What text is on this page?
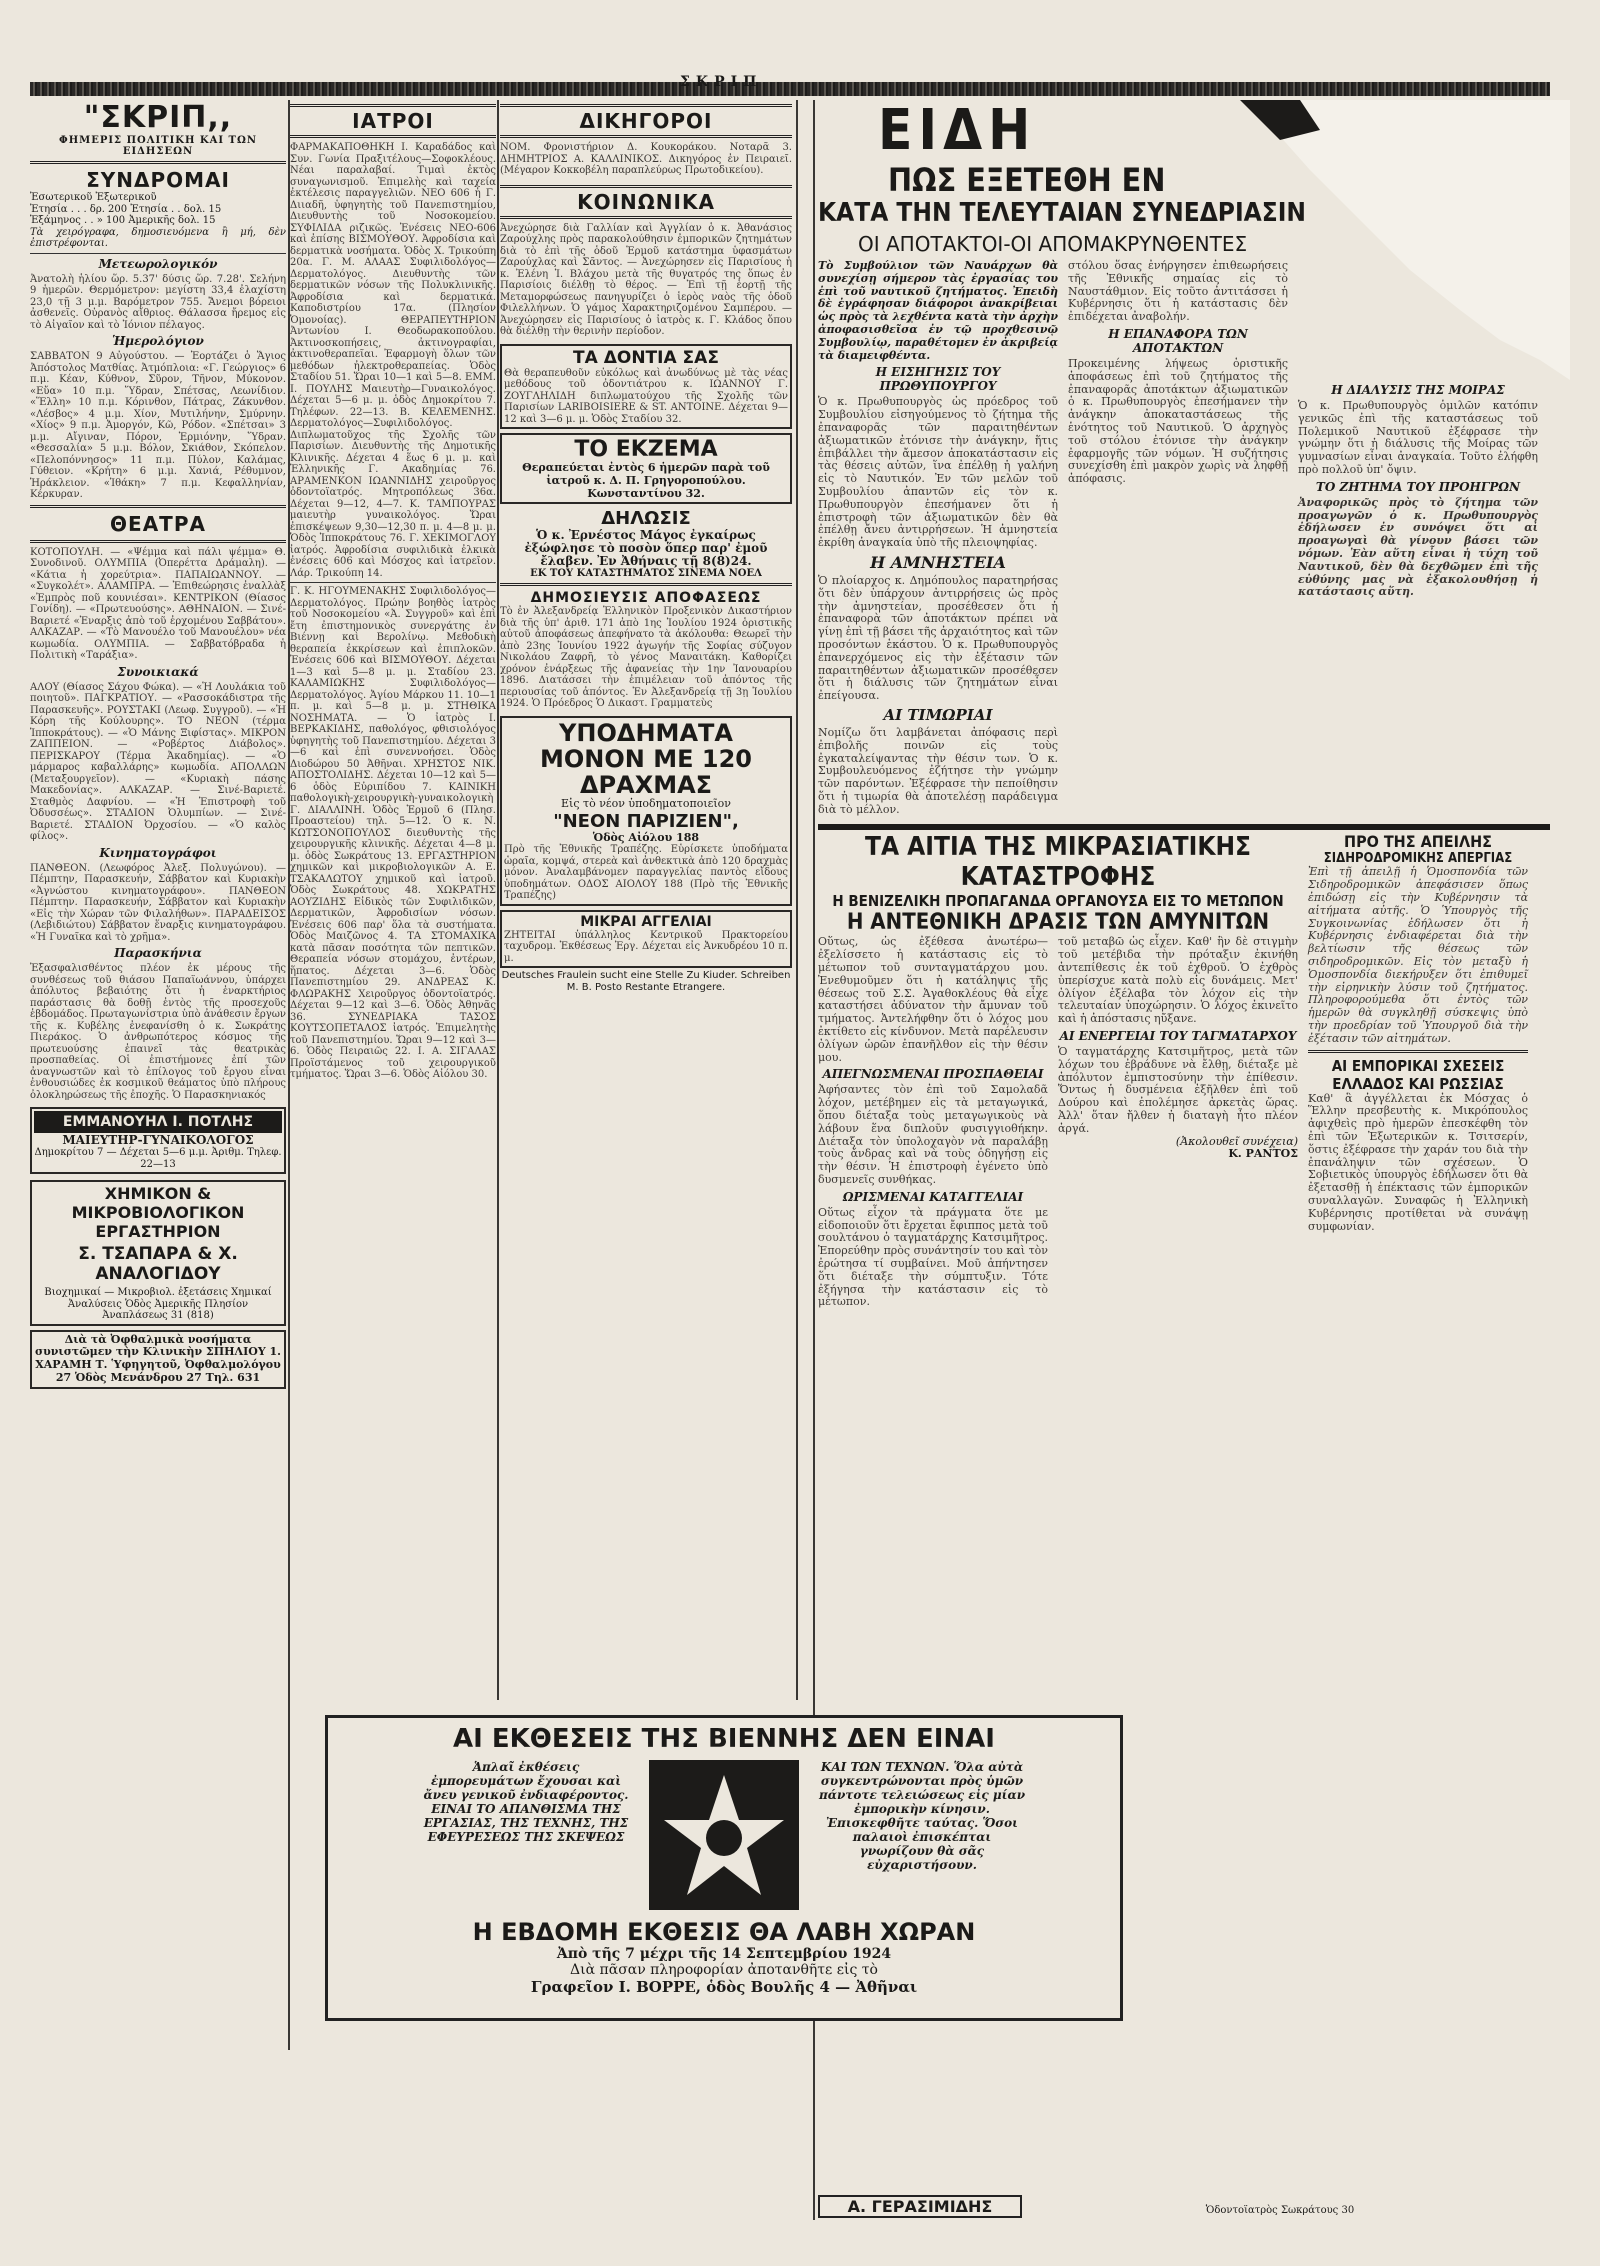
ΣΚΡΙΠ
"ΣΚΡΙΠ,,
ΦΗΜΕΡΙΣ ΠΟΛΙΤΙΚΗ ΚΑΙ ΤΩΝ ΕΙΔΗΣΕΩΝ
ΣΥΝΔΡΟΜΑΙ
Ἐσωτερικοῦ Ἐξωτερικοῦ
Ἐτησία . . . δρ. 200 Ἐτησία . . δολ. 15
Ἑξάμηνος . . » 100 Ἀμερικῆς δολ. 15
Τὰ χειρόγραφα, δημοσιευόμενα ἢ μή, δὲν ἐπιστρέφονται.
Μετεωρολογικόν
Ἀνατολὴ ἡλίου ὥρ. 5.37' δύσις ὥρ. 7.28'. Σελήνη 9 ἡμερῶν. Θερμόμετρον: μεγίστη 33,4 ἐλαχίστη 23,0 τῇ 3 μ.μ. Βαρόμετρον 755. Ἄνεμοι βόρειοι ἀσθενεῖς. Οὐρανὸς αἴθριος. Θάλασσα ἤρεμος εἰς τὸ Αἰγαῖον καὶ τὸ Ἰόνιον πέλαγος.
Ἡμερολόγιον
ΣΑΒΒΑΤΟΝ 9 Αὐγούστου. — Ἑορτάζει ὁ Ἅγιος Ἀπόστολος Ματθίας. Ἀτμόπλοια: «Γ. Γεώργιος» 6 π.μ. Κέαν, Κύθνον, Σῦρον, Τῆνον, Μύκονον. «Εὔα» 10 π.μ. Ὕδραν, Σπέτσας, Λεωνίδιον. «Ἕλλη» 10 π.μ. Κόρινθον, Πάτρας, Ζάκυνθον. «Λέσβος» 4 μ.μ. Χίον, Μυτιλήνην, Σμύρνην. «Χίος» 9 π.μ. Ἀμοργόν, Κῶ, Ρόδον. «Σπέτσαι» 3 μ.μ. Αἴγιναν, Πόρον, Ἑρμιόνην, Ὕδραν. «Θεσσαλία» 5 μ.μ. Βόλον, Σκιάθον, Σκόπελον. «Πελοπόννησος» 11 π.μ. Πύλον, Καλάμας, Γύθειον. «Κρήτη» 6 μ.μ. Χανιά, Ρέθυμνον, Ἡράκλειον. «Ἰθάκη» 7 π.μ. Κεφαλληνίαν, Κέρκυραν.
ΘΕΑΤΡΑ
ΚΟΤΟΠΟΥΛΗ. — «Ψέμμα καὶ πάλι ψέμμα» Θ. Συνοδινοῦ. ΟΛΥΜΠΙΑ (Ὀπερέττα Δράμαλη). — «Κάτια ἡ χορεύτρια». ΠΑΠΑΙΩΑΝΝΟΥ. — «Συγκολέτ». ΑΛΑΜΠΡΑ. — Ἐπιθεώρησις ἐναλλὰξ «Ἐμπρὸς ποῦ κουνιέσαι». ΚΕΝΤΡΙΚΟΝ (Θίασος Γονίδη). — «Πρωτευούσης». ΑΘΗΝΑΙΟΝ. — Σινέ-Βαριετέ «Ἐναρξις ἀπὸ τοῦ ἐρχομένου Σαββάτου». ΑΛΚΑΖΑΡ. — «Τὸ Μανουέλο τοῦ Μανουέλου» νέα κωμωδία. ΟΛΥΜΠΙΑ. — Σαββατόβραδα ἡ Πολιτικὴ «Ταράξια».
Συνοικιακά
ΑΛΟΥ (Θίασος Σάχου Φώκα). — «Ἡ Λουλάκια τοῦ ποιητοῦ». ΠΑΓΚΡΑΤΙΟΥ. — «Ρασσοκάδιστρα τῆς Παρασκευῆς». ΡΟΥΣΤΑΚΙ (Λεωφ. Συγγροῦ). — «Ἡ Κόρη τῆς Κούλουρης». ΤΟ ΝΕΟΝ (τέρμα Ἱπποκράτους). — «Ὁ Μάνης Ξιφίστας». ΜΙΚΡΟΝ ΖΑΠΠΕΙΟΝ. — «Ροβέρτος Διάβολος». ΠΕΡΙΣΚΑΡΟΥ (Τέρμα Ἀκαδημίας). — «Ὁ μάρμαρος καβαλλάρης» κωμωδία. ΑΠΟΛΛΩΝ (Μεταξουργεῖον). — «Κυριακὴ πάσης Μακεδονίας». ΑΛΚΑΖΑΡ. — Σινέ-Βαριετέ. Σταθμὸς Δαφνίου. — «Ἡ Ἐπιστροφὴ τοῦ Ὀδυσσέως». ΣΤΑΔΙΟΝ Ὀλυμπίων. — Σινέ-Βαριετέ. ΣΤΑΔΙΟΝ Ὀρχοσίου. — «Ὁ καλὸς φίλος».
Κινηματογράφοι
ΠΑΝΘΕΟΝ. (Λεωφόρος Ἀλεξ. Πολυγώνου). — Πέμπτην, Παρασκευήν, Σάββατον καὶ Κυριακὴν «Ἀγνώστου κινηματογράφου». ΠΑΝΘΕΟΝ Πέμπτην. Παρασκευήν, Σάββατον καὶ Κυριακὴν «Εἰς τὴν Χώραν τῶν Φιλαλήθων». ΠΑΡΑΔΕΙΣΟΣ (Λεβιδιώτου) Σάββατον ἕναρξις κινηματογράφου. «Ἡ Γυναῖκα καὶ τὸ χρῆμα».
Παρασκήνια
Ἐξασφαλισθέντος πλέον ἐκ μέρους τῆς συνθέσεως τοῦ θιάσου Παπαϊωάννου, ὑπάρχει ἀπόλυτος βεβαιότης ὅτι ἡ ἐναρκτήριος παράστασις θὰ δοθῇ ἐντὸς τῆς προσεχοῦς ἑβδομάδος. Πρωταγωνίστρια ὑπὸ ἀνάθεσιν ἔργων τῆς κ. Κυβέλης ἐνεφανίσθη ὁ κ. Σωκράτης Πιεράκος. Ὁ ἀνθρωπότερος κόσμος τῆς πρωτευούσης ἐπαινεῖ τὰς θεατρικὰς προσπαθείας. Οἱ ἐπιστήμονες ἐπί τῶν ἀναγνωστῶν καὶ τὸ ἐπίλογος τοῦ ἔργου εἶναι ἐνθουσιώδες ἐκ κοσμικοῦ θεάματος ὑπὸ πλήρους ὀλοκληρώσεως τῆς ἐποχῆς. Ὁ Παρασκηνιακός
ΕΜΜΑΝΟΥΗΛ Ι. ΠΟΤΛΗΣ
ΜΑΙΕΥΤΗΡ-ΓΥΝΑΙΚΟΛΟΓΟΣ
Δημοκρίτου 7 — Δέχεται 5—6 μ.μ. Ἀριθμ. Τηλεφ. 22—13
ΧΗΜΙΚΟΝ & ΜΙΚΡΟΒΙΟΛΟΓΙΚΟΝ ΕΡΓΑΣΤΗΡΙΟΝ
Σ. ΤΣΑΠΑΡΑ & Χ. ΑΝΑΛΟΓΙΔΟΥ
Βιοχημικαί — Μικροβιολ. ἐξετάσεις Χημικαί Ἀναλύσεις Ὁδὸς Ἀμερικῆς Πλησίον Ἀναπλάσεως 31 (818)
Διὰ τὰ Ὀφθαλμικὰ νοσήματα συνιστῶμεν τὴν Κλινικὴν ΣΠΗΛΙΟΥ 1. ΧΑΡΑΜΗ Τ. Ὑφηγητοῦ, Ὀφθαλμολόγου 27 Ὁδὸς Μενάνδρου 27 Τηλ. 631
ΙΑΤΡΟΙ
ΦΑΡΜΑΚΑΠΟΘΗΚΗ Ι. Καραδάδος καὶ Συν. Γωνία Πραξιτέλους—Σοφοκλέους. Νέαι παραλαβαί. Τιμαὶ ἐκτὸς συναγωνισμοῦ. Ἐπιμελὴς καὶ ταχεία ἐκτέλεσις παραγγελιῶν. ΝΕΟ 606 ἡ Γ. Διιαδῆ, ὑφηγητὴς τοῦ Πανεπιστημίου, Διευθυντὴς τοῦ Νοσοκομείου. ΣΥΦΙΛΙΔΑ ριζικῶς. Ἐνέσεις ΝΕΟ-606 καὶ ἐπίσης ΒΙΣΜΟΥΘΟΥ. Ἀφροδίσια καὶ δερματικὰ νοσήματα. Ὁδὸς Χ. Τρικούπη 20α. Γ. Μ. ΑΛΑΑΣ Συφιλιδολόγος—Δερματολόγος. Διευθυντὴς τῶν δερματικῶν νόσων τῆς Πολυκλινικῆς. Ἀφροδίσια καὶ δερματικά. Καποδιστρίου 17α. (Πλησίον Ὁμονοίας). ΘΕΡΑΠΕΥΤΗΡΙΟΝ Ἀντωνίου Ι. Θεοδωρακοπούλου. Ἀκτινοσκοπήσεις, ἀκτινογραφίαι, ἀκτινοθεραπεῖαι. Ἐφαρμογὴ ὅλων τῶν μεθόδων ἠλεκτροθεραπείας. Ὁδὸς Σταδίου 51. Ὥραι 10—1 καὶ 5—8. ΕΜΜ. Ι. ΠΟΥΛΗΣ Μαιευτὴρ—Γυναικολόγος. Δέχεται 5—6 μ. μ. ὁδὸς Δημοκρίτου 7. Τηλέφων. 22—13. Β. ΚΕΛΕΜΕΝΗΣ. Δερματολόγος—Συφιλιδολόγος. Διπλωματοῦχος τῆς Σχολῆς τῶν Παρισίων. Διευθυντὴς τῆς Δημοτικῆς Κλινικῆς. Δέχεται 4 ἕως 6 μ. μ. καὶ Ἑλληνικῆς Γ. Ακαδημίας 76. ΑΡΑΜΕΝΚΟΝ ΙΩΑΝΝΙΔΗΣ χειροῦργος ὀδοντοϊατρός. Μητροπόλεως 36α. Δέχεται 9—12, 4—7. Κ. ΤΑΜΠΟΥΡΑΣ μαιευτὴρ γυναικολόγος. Ὥραι ἐπισκέψεων 9,30—12,30 π. μ. 4—8 μ. μ. Ὁδὸς Ἱπποκράτους 76. Γ. ΧΕΚΙΜΟΓΛΟΥ ἰατρός. Ἀφροδίσια συφιλιδικὰ ἐλκικὰ ἐνέσεις 606 καὶ Μόσχος καὶ ἰατρεῖον. Λάρ. Τρικούπη 14.
Γ. Κ. ΗΓΟΥΜΕΝΑΚΗΣ Συφιλιδολόγος—Δερματολόγος. Πρώην βοηθὸς ἰατρὸς τοῦ Νοσοκομείου «Ἀ. Συγγροῦ» καὶ ἐπὶ ἔτη ἐπιστημονικὸς συνεργάτης ἐν Βιέννῃ καὶ Βερολίνῳ. Μεθοδικὴ θεραπεία ἐκκρίσεων καὶ ἐπιπλοκῶν. Ἐνέσεις 606 καὶ ΒΙΣΜΟΥΘΟΥ. Δέχεται 1—3 καὶ 5—8 μ. μ. Σταδίου 23. ΚΑΛΑΜΙΩΚΗΣ Συφιλιδολόγος—Δερματολόγος. Ἀγίου Μάρκου 11. 10—1 π. μ. καὶ 5—8 μ. μ. ΣΤΗΘΙΚΑ ΝΟΣΗΜΑΤΑ. — Ὁ ἰατρὸς Ι. ΒΕΡΚΑΚΙΔΗΣ, παθολόγος, φθισιολόγος ὑφηγητὴς τοῦ Πανεπιστημίου. Δέχεται 3—6 καὶ ἐπὶ συνεννοήσει. Ὁδὸς Διοδώρου 50 Ἀθῆναι. ΧΡΗΣΤΟΣ ΝΙΚ. ΑΠΟΣΤΟΛΙΔΗΣ. Δέχεται 10—12 καὶ 5—6 ὁδὸς Εὐριπίδου 7. ΚΑΙΝΙΚΗ παθολογικὴ-χειρουργικὴ-γυναικολογικὴ Γ. ΔΙΑΛΛΙΝΗ. Ὁδὸς Ἑρμοῦ 6 (Πλησ. Προαστείου) τηλ. 5—12. Ὁ κ. Ν. ΚΩΤΣΟΝΟΠΟΥΛΟΣ διευθυντὴς τῆς χειρουργικῆς κλινικῆς. Δέχεται 4—8 μ. μ. ὁδὸς Σωκράτους 13. ΕΡΓΑΣΤΗΡΙΟΝ χημικῶν καὶ μικροβιολογικῶν Α. Ε. ΤΣΑΚΑΛΩΤΟΥ χημικοῦ καὶ ἰατροῦ. Ὁδὸς Σωκράτους 48. ΧΩΚΡΑΤΗΣ ΑΟΥΖΙΔΗΣ Εἰδικὸς τῶν Συφιλιδικῶν, Δερματικῶν, Ἀφροδισίων νόσων. Ἐνέσεις 606 παρ' ὅλα τὰ συστήματα. Ὁδὸς Μαιζῶνος 4. ΤΑ ΣΤΟΜΑΧΙΚΑ κατὰ πᾶσαν ποσότητα τῶν πεπτικῶν. Θεραπεία νόσων στομάχου, ἐντέρων, ἥπατος. Δέχεται 3—6. Ὁδὸς Πανεπιστημίου 29. ΑΝΔΡΕΑΣ Κ. ΦΛΩΡΑΚΗΣ Χειροῦργος ὀδοντοϊατρός. Δέχεται 9—12 καὶ 3—6. Ὁδὸς Ἀθηνᾶς 36. ΣΥΝΕΔΡΙΑΚΑ ΤΑΣΟΣ ΚΟΥΤΣΟΠΕΤΑΛΟΣ ἰατρός. Ἐπιμελητὴς τοῦ Πανεπιστημίου. Ὥραι 9—12 καὶ 3—6. Ὁδὸς Πειραιῶς 22. Ι. Α. ΣΙΓΑΛΑΣ Προϊστάμενος τοῦ χειρουργικοῦ τμήματος. Ὥραι 3—6. Ὁδὸς Αἰόλου 30.
ΔΙΚΗΓΟΡΟΙ
ΝΟΜ. Φρονιστήριον Δ. Κουκοράκου. Νοταρᾶ 3. ΔΗΜΗΤΡΙΟΣ Α. ΚΑΛΛΙΝΙΚΟΣ. Δικηγόρος ἐν Πειραιεῖ. (Μέγαρον Κοκκοβέλη παραπλεύρως Πρωτοδικείου).
ΚΟΙΝΩΝΙΚΑ
Ἀνεχώρησε διὰ Γαλλίαν καὶ Ἀγγλίαν ὁ κ. Ἀθανάσιος Ζαρούχλης πρὸς παρακολούθησιν ἐμπορικῶν ζητημάτων διὰ τὸ ἐπὶ τῆς ὁδοῦ Ἑρμοῦ κατάστημα ὑφασμάτων Ζαρούχλας καὶ Σᾶντος. — Ἀνεχώρησεν εἰς Παρισίους ἡ κ. Ἐλένη Ἰ. Βλάχου μετὰ τῆς θυγατρός της ὅπως ἐν Παρισίοις διέλθῃ τὸ θέρος. — Ἐπὶ τῇ ἑορτῇ τῆς Μεταμορφώσεως πανηγυρίζει ὁ ἱερὸς ναὸς τῆς ὁδοῦ Φιλελλήνων. Ὁ γάμος Χαρακτηριζομένου Σαμπέρου. — Ἀνεχώρησεν εἰς Παρισίους ὁ ἰατρὸς κ. Γ. Κλάδος ὅπου θὰ διέλθῃ τὴν θερινὴν περίοδον.
ΤΑ ΔΟΝΤΙΑ ΣΑΣ
Θὰ θεραπευθοῦν εὐκόλως καὶ ἀνωδύνως μὲ τὰς νέας μεθόδους τοῦ ὀδοντιάτρου κ. ΙΩΑΝΝΟΥ Γ. ΖΟΥΓΛΗΛΙΔΗ διπλωματούχου τῆς Σχολῆς τῶν Παρισίων LARIBOISIERE & ST. ANTOINE. Δέχεται 9—12 καὶ 3—6 μ. μ. Ὁδὸς Σταδίου 32.
ΤΟ ΕΚΖΕΜΑ
Θεραπεύεται ἐντὸς 6 ἡμερῶν παρὰ τοῦ ἰατροῦ κ. Δ. Π. Γρηγοροπούλου. Κωνσταντίνου 32.
ΔΗΛΩΣΙΣ
Ὁ κ. Ἐρνέστος Μάγος ἐγκαίρως ἐξώφλησε τὸ ποσὸν ὅπερ παρ' ἐμοῦ ἔλαβεν. Ἐν Ἀθήναις τῇ 8(8)24.
ΕΚ ΤΟΥ ΚΑΤΑΣΤΗΜΑΤΟΣ ΣΙΝΕΜΑ ΝΟΕΛ
ΔΗΜΟΣΙΕΥΣΙΣ ΑΠΟΦΑΣΕΩΣ
Τὸ ἐν Ἀλεξανδρείᾳ Ἑλληνικὸν Προξενικὸν Δικαστήριον διὰ τῆς ὑπ' ἀριθ. 171 ἀπὸ 1ης Ἰουλίου 1924 ὁριστικῆς αὐτοῦ ἀποφάσεως ἀπεφήνατο τὰ ἀκόλουθα: Θεωρεῖ τὴν ἀπὸ 23ης Ἰουνίου 1922 ἀγωγήν τῆς Σοφίας σύζυγον Νικολάου Ζαφρῆ, τὸ γένος Μαναιτάκη. Καθορίζει χρόνον ἐνάρξεως τῆς ἀφανείας τὴν 1ην Ἰανουαρίου 1896. Διατάσσει τὴν ἐπιμέλειαν τοῦ ἀπόντος τῆς περιουσίας τοῦ ἀπόντος. Ἐν Ἀλεξανδρείᾳ τῇ 3ῃ Ἰουλίου 1924. Ὁ Πρόεδρος Ὁ Δικαστ. Γραμματεὺς
ΥΠΟΔΗΜΑΤΑ ΜΟΝΟΝ ΜΕ 120 ΔΡΑΧΜΑΣ
Εἰς τὸ νέον ὑποδηματοποιεῖον
"ΝΕΟΝ ΠΑΡΙΖΙΕΝ",
Ὁδὸς Αἰόλου 188
Πρὸ τῆς Ἐθνικῆς Τραπέζης. Εὑρίσκετε ὑποδήματα ὡραῖα, κομψά, στερεὰ καὶ ἀνθεκτικὰ ἀπὸ 120 δραχμὰς μόνον. Ἀναλαμβάνομεν παραγγελίας παντὸς εἴδους ὑποδημάτων. ΟΔΟΣ ΑΙΟΛΟΥ 188 (Πρὸ τῆς Ἐθνικῆς Τραπέζης)
ΜΙΚΡΑΙ ΑΓΓΕΛΙΑΙ
ΖΗΤΕΙΤΑΙ ὑπάλληλος Κεντρικοῦ Πρακτορείου ταχυδρομ. Ἐκθέσεως Ἐργ. Δέχεται εἰς Ἀνκυδρέου 10 π. μ.
Deutsches Fraulein sucht eine Stelle Zu Kiuder. Schreiben M. B. Posto Restante Etrangere.
ΕΙΔΗ
ΠΩΣ ΕΞΕΤΕΘΗ ΕΝ
ΚΑΤΑ ΤΗΝ ΤΕΛΕΥΤΑΙΑΝ ΣΥΝΕΔΡΙΑΣΙΝ
ΟΙ ΑΠΟΤΑΚΤΟΙ-ΟΙ ΑΠΟΜΑΚΡΥΝΘΕΝΤΕΣ
Τὸ Συμβούλιον τῶν Ναυάρχων θὰ συνεχίσῃ σήμερον τὰς ἐργασίας του ἐπὶ τοῦ ναυτικοῦ ζητήματος. Ἐπειδὴ δὲ ἐγράφησαν διάφοροι ἀνακρίβειαι ὡς πρὸς τὰ λεχθέντα κατὰ τὴν ἀρχὴν ἀποφασισθεῖσα ἐν τῷ προχθεσινῷ Συμβουλίῳ, παραθέτομεν ἐν ἀκριβείᾳ τὰ διαμειφθέντα.
Η ΕΙΣΗΓΗΣΙΣ ΤΟΥ ΠΡΩΘΥΠΟΥΡΓΟΥ
Ὁ κ. Πρωθυπουργὸς ὡς πρόεδρος τοῦ Συμβουλίου εἰσηγούμενος τὸ ζήτημα τῆς ἐπαναφορᾶς τῶν παραιτηθέντων ἀξιωματικῶν ἐτόνισε τὴν ἀνάγκην, ἥτις ἐπιβάλλει τὴν ἄμεσον ἀποκατάστασιν εἰς τὰς θέσεις αὐτῶν, ἵνα ἐπέλθῃ ἡ γαλήνη εἰς τὸ Ναυτικόν. Ἐν τῶν μελῶν τοῦ Συμβουλίου ἀπαντῶν εἰς τὸν κ. Πρωθυπουργὸν ἐπεσήμανεν ὅτι ἡ ἐπιστροφὴ τῶν ἀξιωματικῶν δὲν θὰ ἐπέλθῃ ἄνευ ἀντιρρήσεων. Ἡ ἀμνηστεία ἐκρίθη ἀναγκαία ὑπὸ τῆς πλειοψηφίας.
Η ΑΜΝΗΣΤΕΙΑ
Ὁ πλοίαρχος κ. Δημόπουλος παρατηρήσας ὅτι δὲν ὑπάρχουν ἀντιρρήσεις ὡς πρὸς τὴν ἀμνηστείαν, προσέθεσεν ὅτι ἡ ἐπαναφορὰ τῶν ἀποτάκτων πρέπει νὰ γίνῃ ἐπὶ τῇ βάσει τῆς ἀρχαιότητος καὶ τῶν προσόντων ἑκάστου. Ὁ κ. Πρωθυπουργὸς ἐπανερχόμενος εἰς τὴν ἐξέτασιν τῶν παραιτηθέντων ἀξιωματικῶν προσέθεσεν ὅτι ἡ διάλυσις τῶν ζητημάτων εἶναι ἐπείγουσα.
ΑΙ ΤΙΜΩΡΙΑΙ
Νομίζω ὅτι λαμβάνεται ἀπόφασις περὶ ἐπιβολῆς ποινῶν εἰς τοὺς ἐγκαταλείψαντας τὴν θέσιν των. Ὁ κ. Συμβουλευόμενος ἐζήτησε τὴν γνώμην τῶν παρόντων. Ἐξέφρασε τὴν πεποίθησιν ὅτι ἡ τιμωρία θὰ ἀποτελέσῃ παράδειγμα διὰ τὸ μέλλον.
στόλου ὅσας ἐνήργησεν ἐπιθεωρήσεις τῆς Ἐθνικῆς σημαίας εἰς τὸ Ναυστάθμιον. Εἰς τοῦτο ἀντιτάσσει ἡ Κυβέρνησις ὅτι ἡ κατάστασις δὲν ἐπιδέχεται ἀναβολήν.
Η ΕΠΑΝΑΦΟΡΑ ΤΩΝ ΑΠΟΤΑΚΤΩΝ
Προκειμένης λήψεως ὁριστικῆς ἀποφάσεως ἐπὶ τοῦ ζητήματος τῆς ἐπαναφορᾶς ἀποτάκτων ἀξιωματικῶν ὁ κ. Πρωθυπουργὸς ἐπεσήμανεν τὴν ἀνάγκην ἀποκαταστάσεως τῆς ἑνότητος τοῦ Ναυτικοῦ. Ὁ ἀρχηγὸς τοῦ στόλου ἐτόνισε τὴν ἀνάγκην ἐφαρμογῆς τῶν νόμων. Ἡ συζήτησις συνεχίσθη ἐπὶ μακρὸν χωρὶς νὰ ληφθῇ ἀπόφασις.
Η ΔΙΑΛΥΣΙΣ ΤΗΣ ΜΟΙΡΑΣ
Ὁ κ. Πρωθυπουργὸς ὁμιλῶν κατόπιν γενικῶς ἐπὶ τῆς καταστάσεως τοῦ Πολεμικοῦ Ναυτικοῦ ἐξέφρασε τὴν γνώμην ὅτι ἡ διάλυσις τῆς Μοίρας τῶν γυμνασίων εἶναι ἀναγκαία. Τοῦτο ἐλήφθη πρὸ πολλοῦ ὑπ' ὄψιν.
ΤΟ ΖΗΤΗΜΑ ΤΟΥ ΠΡΟΗΓΡΩΝ
Ἀναφορικῶς πρὸς τὸ ζήτημα τῶν προαγωγῶν ὁ κ. Πρωθυπουργὸς ἐδήλωσεν ἐν συνόψει ὅτι αἱ προαγωγαὶ θὰ γίνουν βάσει τῶν νόμων. Ἐὰν αὕτη εἶναι ἡ τύχη τοῦ Ναυτικοῦ, δὲν θὰ δεχθῶμεν ἐπὶ τῆς εὐθύνης μας νὰ ἐξακολουθήσῃ ἡ κατάστασις αὕτη.
ΤΑ ΑΙΤΙΑ ΤΗΣ ΜΙΚΡΑΣΙΑΤΙΚΗΣ ΚΑΤΑΣΤΡΟΦΗΣ
Η ΒΕΝΙΖΕΛΙΚΗ ΠΡΟΠΑΓΑΝΔΑ ΟΡΓΑΝΟΥΣΑ ΕΙΣ ΤΟ ΜΕΤΩΠΟΝ
Η ΑΝΤΕΘΝΙΚΗ ΔΡΑΣΙΣ ΤΩΝ ΑΜΥΝΙΤΩΝ
Οὕτως, ὡς ἐξέθεσα ἀνωτέρω—ἐξελίσσετο ἡ κατάστασις εἰς τὸ μέτωπον τοῦ συνταγματάρχου μου. Ἐνεθυμοῦμεν ὅτι ἡ κατάληψις τῆς θέσεως τοῦ Σ.Σ. Ἀγαθοκλέους θὰ εἶχε καταστήσει ἀδύνατον τὴν ἄμυναν τοῦ τμήματος. Ἀντελήφθην ὅτι ὁ λόχος μου ἐκτίθετο εἰς κίνδυνον. Μετὰ παρέλευσιν ὀλίγων ὡρῶν ἐπανῆλθον εἰς τὴν θέσιν μου.
ΑΠΕΓΝΩΣΜΕΝΑΙ ΠΡΟΣΠΑΘΕΙΑΙ
Ἀφήσαντες τὸν ἐπὶ τοῦ Σαμολαδᾶ λόχον, μετέβημεν εἰς τὰ μεταγωγικά, ὅπου διέταξα τοὺς μεταγωγικοὺς νὰ λάβουν ἕνα διπλοῦν φυσιγγιοθήκην. Διέταξα τὸν ὑπολοχαγὸν νὰ παραλάβῃ τοὺς ἄνδρας καὶ νὰ τοὺς ὁδηγήσῃ εἰς τὴν θέσιν. Ἡ ἐπιστροφὴ ἐγένετο ὑπὸ δυσμενεῖς συνθήκας.
ΩΡΙΣΜΕΝΑΙ ΚΑΤΑΓΓΕΛΙΑΙ
Οὕτως εἶχον τὰ πράγματα ὅτε με εἰδοποιοῦν ὅτι ἔρχεται ἔφιππος μετὰ τοῦ σουλτάνου ὁ ταγματάρχης Κατσιμῆτρος. Ἐπορεύθην πρὸς συνάντησίν του καὶ τὸν ἐρώτησα τί συμβαίνει. Μοῦ ἀπήντησεν ὅτι διέταξε τὴν σύμπτυξιν. Τότε ἐξήγησα τὴν κατάστασιν εἰς τὸ μέτωπον.
τοῦ μεταβῶ ὡς εἶχεν. Καθ' ἣν δὲ στιγμὴν τοῦ μετέβιδα τὴν πρόταξιν ἐκινήθη ἀντεπίθεσις ἐκ τοῦ ἐχθροῦ. Ὁ ἐχθρὸς ὑπερίσχυε κατὰ πολὺ εἰς δυνάμεις. Μετ' ὀλίγον ἐξέλαβα τὸν λόχον εἰς τὴν τελευταίαν ὑποχώρησιν. Ὁ λόχος ἐκινεῖτο καὶ ἡ ἀπόστασις ηὔξανε.
ΑΙ ΕΝΕΡΓΕΙΑΙ ΤΟΥ ΤΑΓΜΑΤΑΡΧΟΥ
Ὁ ταγματάρχης Κατσιμῆτρος, μετὰ τῶν λόχων του ἐβράδυνε νὰ ἔλθῃ, διέταξε μὲ ἀπόλυτον ἐμπιστοσύνην τὴν ἐπίθεσιν. Ὅντως ἡ δυσμένεια ἐξῆλθεν ἐπὶ τοῦ Δούρου καὶ ἐπολέμησε ἀρκετὰς ὥρας. Ἀλλ' ὅταν ἤλθεν ἡ διαταγὴ ἦτο πλέον ἀργά.
(Ἀκολουθεῖ συνέχεια)
Κ. ΡΑΝΤΟΣ
ΠΡΟ ΤΗΣ ΑΠΕΙΛΗΣ
ΣΙΔΗΡΟΔΡΟΜΙΚΗΣ ΑΠΕΡΓΙΑΣ
Ἐπὶ τῇ ἀπειλῇ ἡ Ὁμοσπονδία τῶν Σιδηροδρομικῶν ἀπεφάσισεν ὅπως ἐπιδώσῃ εἰς τὴν Κυβέρνησιν τὰ αἰτήματα αὐτῆς. Ὁ Ὑπουργὸς τῆς Συγκοινωνίας ἐδήλωσεν ὅτι ἡ Κυβέρνησις ἐνδιαφέρεται διὰ τὴν βελτίωσιν τῆς θέσεως τῶν σιδηροδρομικῶν. Εἰς τὸν μεταξὺ ἡ Ὁμοσπονδία διεκήρυξεν ὅτι ἐπιθυμεῖ τὴν εἰρηνικὴν λύσιν τοῦ ζητήματος. Πληροφορούμεθα ὅτι ἐντὸς τῶν ἡμερῶν θὰ συγκληθῇ σύσκεψις ὑπὸ τὴν προεδρίαν τοῦ Ὑπουργοῦ διὰ τὴν ἐξέτασιν τῶν αἰτημάτων.
ΑΙ ΕΜΠΟΡΙΚΑΙ ΣΧΕΣΕΙΣ ΕΛΛΑΔΟΣ ΚΑΙ ΡΩΣΣΙΑΣ
Καθ' ἃ ἀγγέλλεται ἐκ Μόσχας ὁ Ἕλλην πρεσβευτὴς κ. Μικρόπουλος ἀφιχθεὶς πρὸ ἡμερῶν ἐπεσκέφθη τὸν ἐπὶ τῶν Ἐξωτερικῶν κ. Τσιτσερίν, ὅστις ἐξέφρασε τὴν χαράν του διὰ τὴν ἐπανάληψιν τῶν σχέσεων. Ὁ Σοβιετικὸς ὑπουργὸς ἐδήλωσεν ὅτι θὰ ἐξετασθῇ ἡ ἐπέκτασις τῶν ἐμπορικῶν συναλλαγῶν. Συναφῶς ἡ Ἐλληνικὴ Κυβέρνησις προτίθεται νὰ συνάψῃ συμφωνίαν.
Α. ΓΕΡΑΣΙΜΙΔΗΣ	Ὁδοντοϊατρὸς Σωκράτους 30
ΑΙ ΕΚΘΕΣΕΙΣ ΤΗΣ ΒΙΕΝΝΗΣ ΔΕΝ ΕΙΝΑΙ
Ἁπλαῖ ἐκθέσεις ἐμπορευμάτων ἔχουσαι καὶ ἄνευ γενικοῦ ἐνδιαφέροντος. ΕΙΝΑΙ ΤΟ ΑΠΑΝΘΙΣΜΑ ΤΗΣ ΕΡΓΑΣΙΑΣ, ΤΗΣ ΤΕΧΝΗΣ, ΤΗΣ ΕΦΕΥΡΕΣΕΩΣ ΤΗΣ ΣΚΕΨΕΩΣ
ΚΑΙ ΤΩΝ ΤΕΧΝΩΝ. Ὅλα αὐτὰ συγκεντρώνονται πρὸς ὑμῶν πάντοτε τελειώσεως εἰς μίαν ἐμπορικὴν κίνησιν. Ἐπισκεφθῆτε ταύτας. Ὅσοι παλαιοὶ ἐπισκέπται γνωρίζουν θὰ σᾶς εὐχαριστήσουν.
Η ΕΒΔΟΜΗ ΕΚΘΕΣΙΣ ΘΑ ΛΑΒΗ ΧΩΡΑΝ
Ἀπὸ τῆς 7 μέχρι τῆς 14 Σεπτεμβρίου 1924
Διὰ πᾶσαν πληροφορίαν ἀποτανθῆτε εἰς τὸ
Γραφεῖον Ι. ΒΟΡΡΕ, ὁδὸς Βουλῆς 4 — Ἀθῆναι
